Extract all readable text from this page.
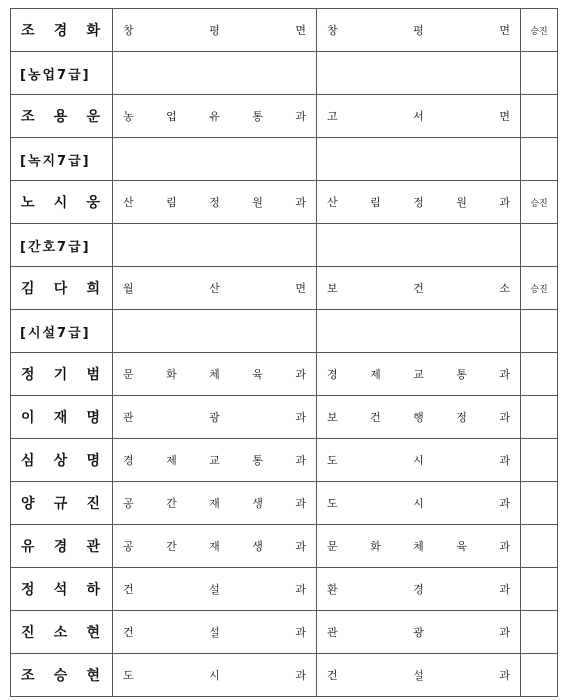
조 경 화	창 평 면	창 평 면	승진

[농업7급]			

조 용 운	농 업 유 통 과	고 서 면	

[녹지7급]			

노 시 웅	산 림 정 원 과	산 림 정 원 과	승진

[간호7급]			

김 다 희	월 산 면	보 건 소	승진

[시설7급]			

정 기 범	문 화 체 육 과	경 제 교 통 과	

이 재 명	관 광 과	보 건 행 정 과	

심 상 명	경 제 교 통 과	도 시 과	

양 규 진	공 간 재 생 과	도 시 과	

유 경 관	공 간 재 생 과	문 화 체 육 과	

정 석 하	건 설 과	환 경 과	

진 소 현	건 설 과	관 광 과	

조 승 현	도 시 과	건 설 과	
